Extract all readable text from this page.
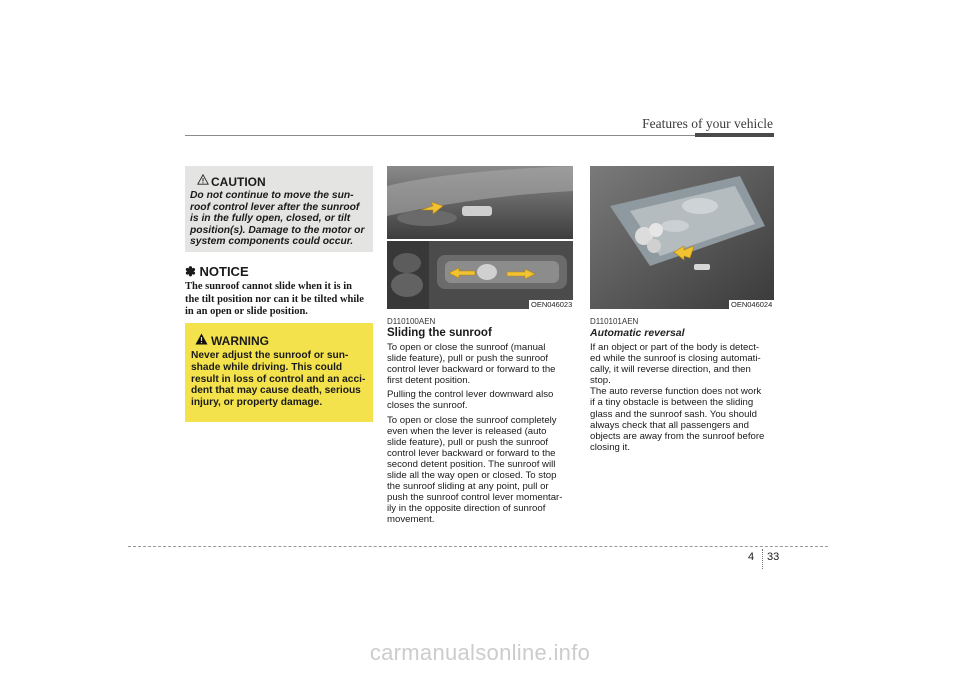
Features of your vehicle
CAUTION
Do not continue to move the sun-
roof control lever after the sunroof
is in the fully open, closed, or tilt
position(s). Damage to the motor or
system components could occur.
✽ NOTICE
The sunroof cannot slide when it is in
the tilt position nor can it be tilted while
in an open or slide position.
WARNING
Never adjust the sunroof or sun-
shade while driving. This could
result in loss of control and an acci-
dent that may cause death, serious
injury, or property damage.
OEN046023	OEN046024
D110100AEN
Sliding the sunroof
To open or close the sunroof (manual
slide feature), pull or push the sunroof
control lever backward or forward to the
first detent position.
Pulling the control lever downward also
closes the sunroof.
To open or close the sunroof completely
even when the lever is released (auto
slide feature), pull or push the sunroof
control lever backward or forward to the
second detent position. The sunroof will
slide all the way open or closed. To stop
the sunroof sliding at any point, pull or
push the sunroof control lever momentar-
ily in the opposite direction of sunroof
movement.
D110101AEN
Automatic reversal
If an object or part of the body is detect-
ed while the sunroof is closing automati-
cally, it will reverse direction, and then
stop.
The auto reverse function does not work
if a tiny obstacle is between the sliding
glass and the sunroof sash. You should
always check that all passengers and
objects are away from the sunroof before
closing it.
4 33
carmanualsonline.info
